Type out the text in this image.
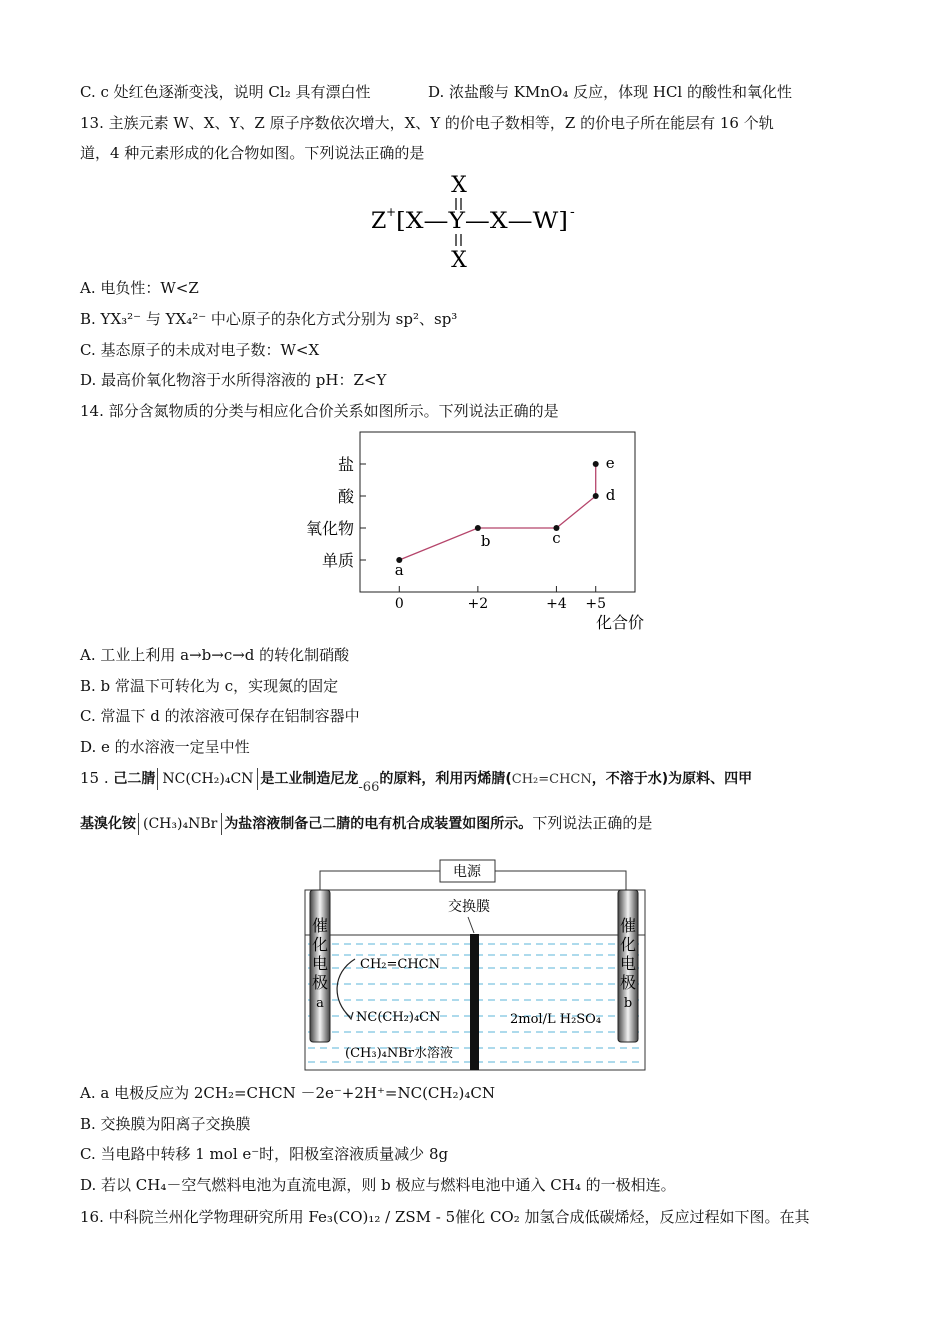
C. c 处红色逐渐变浅，说明 Cl₂ 具有漂白性	D. 浓盐酸与 KMnO₄ 反应，体现 HCl 的酸性和氧化性
13. 主族元素 W、X、Y、Z 原子序数依次增大，X、Y 的价电子数相等，Z 的价电子所在能层有 16 个轨
道，4 种元素形成的化合物如图。下列说法正确的是
X
Z + [X—Y—X—W] -
X
A. 电负性：W<Z
B. YX₃²⁻ 与 YX₄²⁻ 中心原子的杂化方式分别为 sp²、sp³
C. 基态原子的未成对电子数：W<X
D. 最高价氧化物溶于水所得溶液的 pH：Z<Y
14. 部分含氮物质的分类与相应化合价关系如图所示。下列说法正确的是
单质
氧化物
酸
盐
0	+2	+4 +5
a
b	c
d
e
化合价
A. 工业上利用 a→b→c→d 的转化制硝酸
B. b 常温下可转化为 c，实现氮的固定
C. 常温下 d 的浓溶液可保存在铝制容器中
D. e 的水溶液一定呈中性
15 . 己二腈 NC(CH₂)₄CN 是工业制造尼龙-66的原料，利用丙烯腈(CH₂=CHCN，不溶于水)为原料、四甲
基溴化铵 (CH₃)₄NBr 为盐溶液制备己二腈的电有机合成装置如图所示。下列说法正确的是
电源
交换膜
催
化
电
极
a
催
化
电
极
b
CH₂=CHCN
NC(CH₂)₄CN
(CH₃)₄NBr水溶液
2mol/L H₂SO₄
A. a 电极反应为 2CH₂=CHCN －2e⁻+2H⁺=NC(CH₂)₄CN
B. 交换膜为阳离子交换膜
C. 当电路中转移 1 mol e⁻时，阳极室溶液质量减少 8g
D. 若以 CH₄－空气燃料电池为直流电源，则 b 极应与燃料电池中通入 CH₄ 的一极相连。
16. 中科院兰州化学物理研究所用 Fe₃(CO)₁₂ / ZSM - 5催化 CO₂ 加氢合成低碳烯烃，反应过程如下图。在其
